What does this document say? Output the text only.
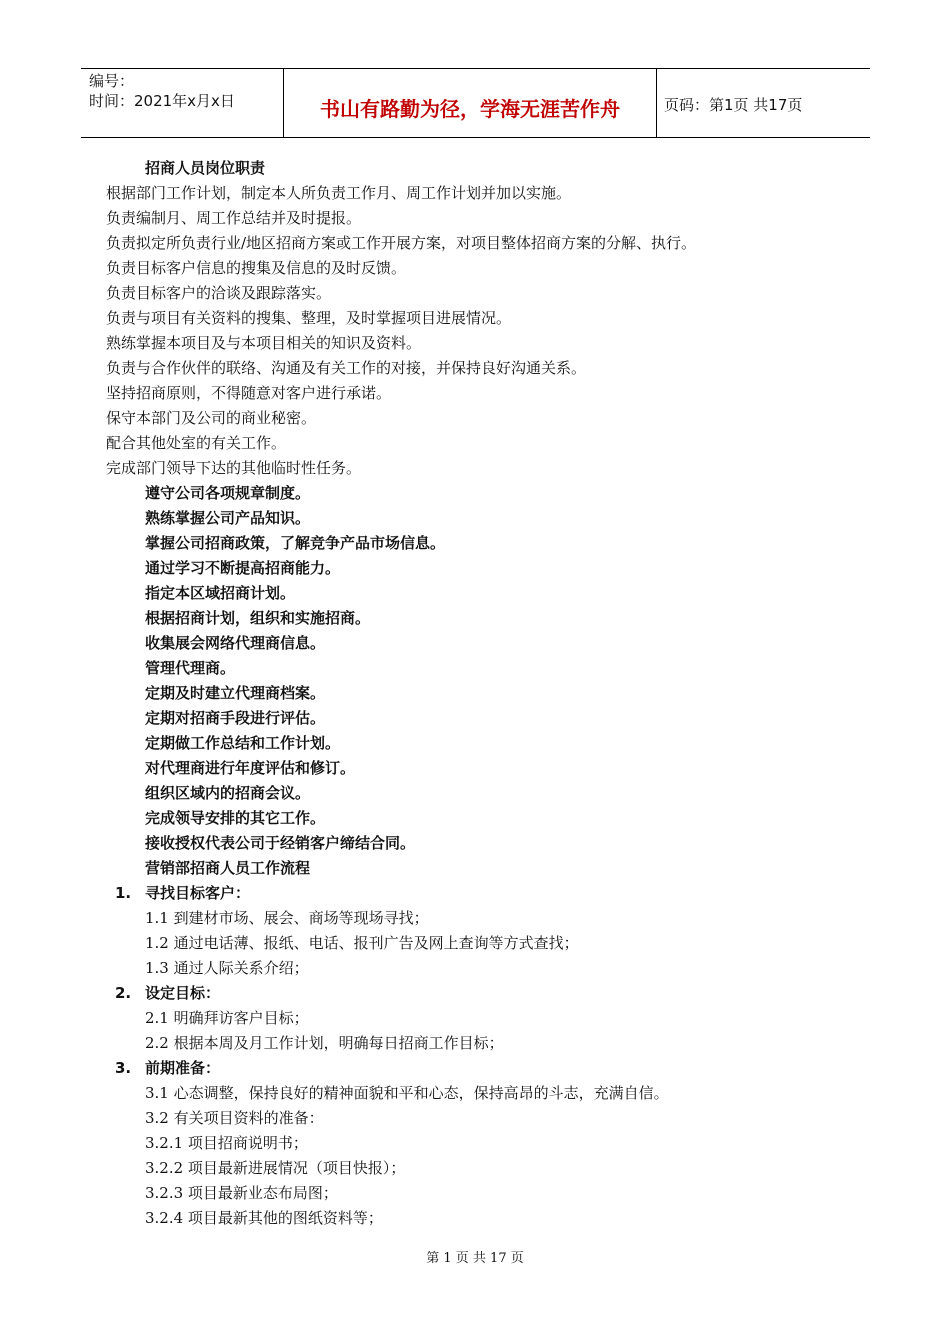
编号：
时间：2021年x月x日	书山有路勤为径，学海无涯苦作舟	页码：第1页 共17页
招商人员岗位职责
根据部门工作计划，制定本人所负责工作月、周工作计划并加以实施。
负责编制月、周工作总结并及时提报。
负责拟定所负责行业/地区招商方案或工作开展方案，对项目整体招商方案的分解、执行。
负责目标客户信息的搜集及信息的及时反馈。
负责目标客户的洽谈及跟踪落实。
负责与项目有关资料的搜集、整理，及时掌握项目进展情况。
熟练掌握本项目及与本项目相关的知识及资料。
负责与合作伙伴的联络、沟通及有关工作的对接，并保持良好沟通关系。
坚持招商原则，不得随意对客户进行承诺。
保守本部门及公司的商业秘密。
配合其他处室的有关工作。
完成部门领导下达的其他临时性任务。
遵守公司各项规章制度。
熟练掌握公司产品知识。
掌握公司招商政策，了解竞争产品市场信息。
通过学习不断提高招商能力。
指定本区域招商计划。
根据招商计划，组织和实施招商。
收集展会网络代理商信息。
管理代理商。
定期及时建立代理商档案。
定期对招商手段进行评估。
定期做工作总结和工作计划。
对代理商进行年度评估和修订。
组织区域内的招商会议。
完成领导安排的其它工作。
接收授权代表公司于经销客户缔结合同。
营销部招商人员工作流程
1. 寻找目标客户：
1.1 到建材市场、展会、商场等现场寻找；
1.2 通过电话薄、报纸、电话、报刊广告及网上查询等方式查找；
1.3 通过人际关系介绍；
2. 设定目标：
2.1 明确拜访客户目标；
2.2 根据本周及月工作计划，明确每日招商工作目标；
3. 前期准备：
3.1 心态调整，保持良好的精神面貌和平和心态，保持高昂的斗志，充满自信。
3.2 有关项目资料的准备：
3.2.1 项目招商说明书；
3.2.2 项目最新进展情况（项目快报）；
3.2.3 项目最新业态布局图；
3.2.4 项目最新其他的图纸资料等；
第 1 页 共 17 页
